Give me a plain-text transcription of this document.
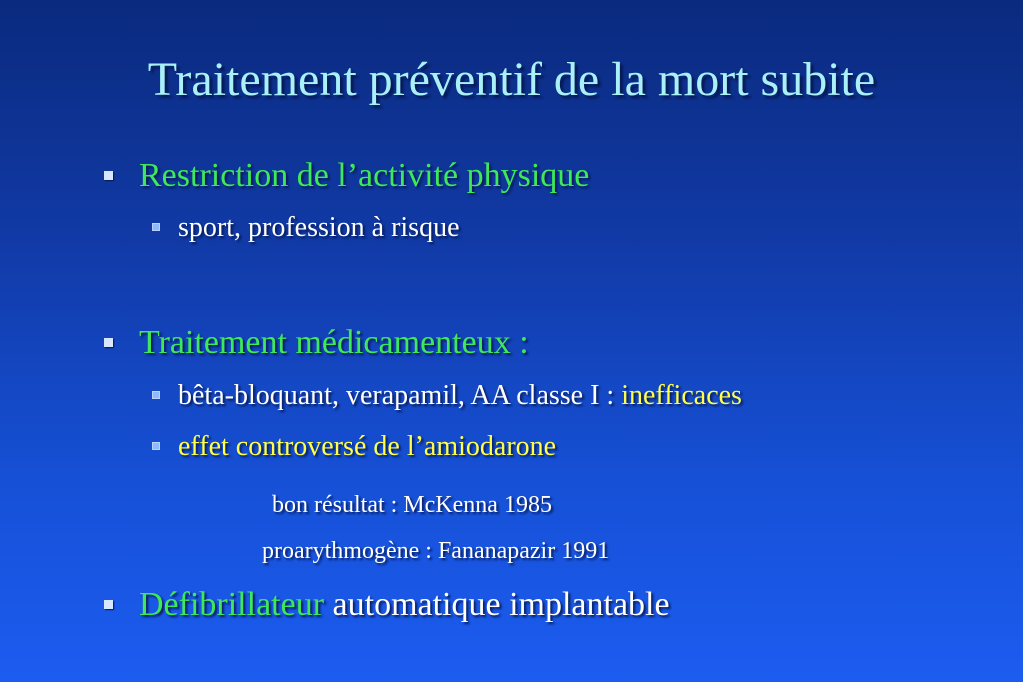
Traitement préventif de la mort subite
Restriction de l’activité physique
sport, profession à risque
Traitement médicamenteux :
bêta-bloquant, verapamil, AA classe I : inefficaces
effet controversé de l’amiodarone
bon résultat : McKenna 1985
proarythmogène : Fananapazir 1991
Défibrillateur automatique implantable
